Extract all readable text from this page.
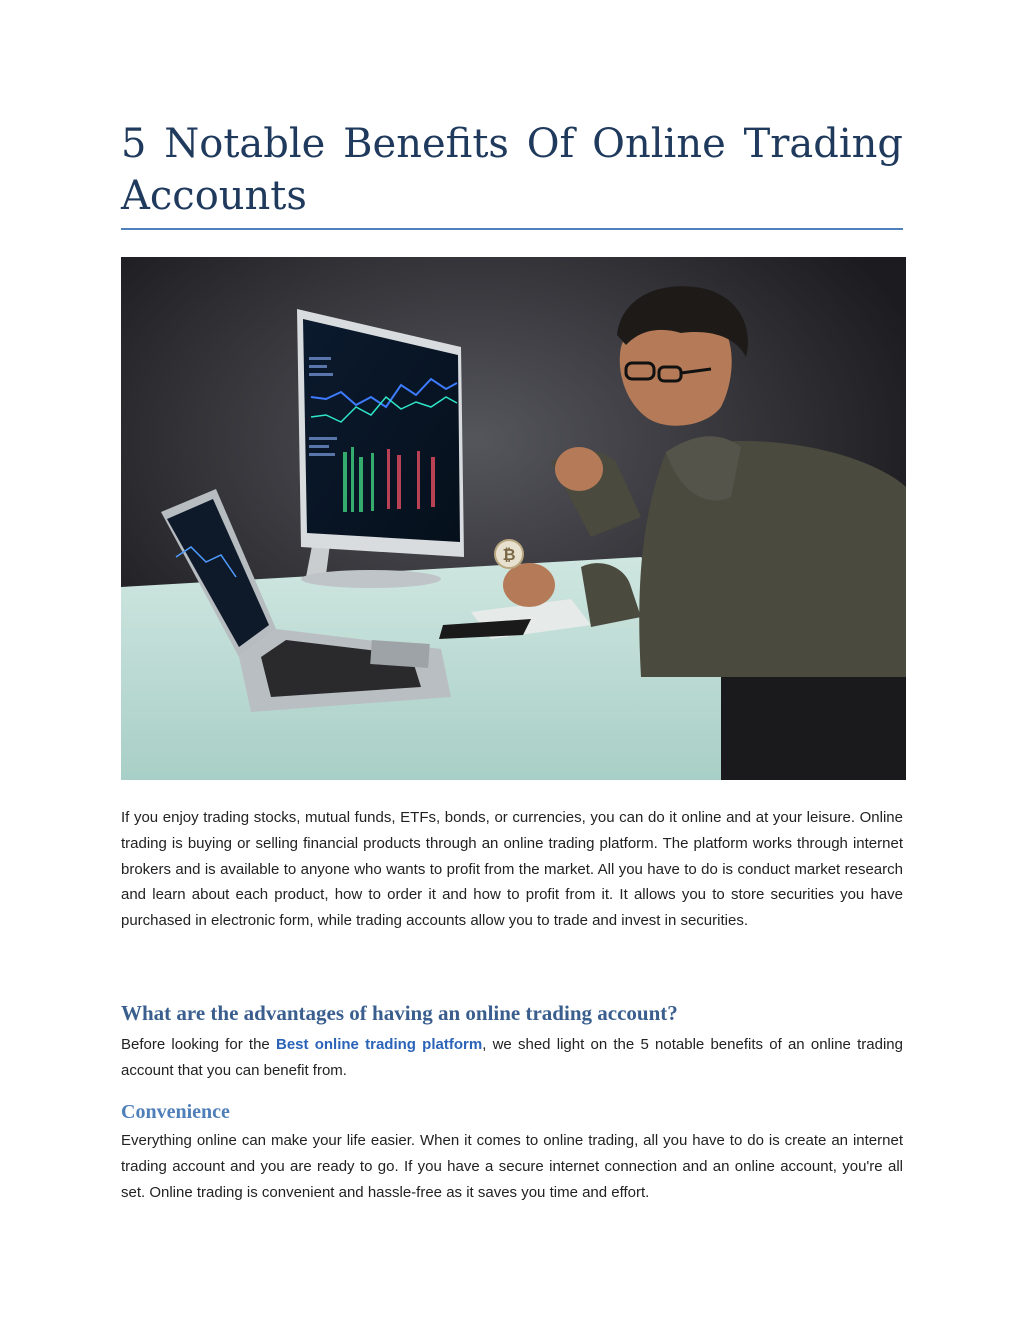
5 Notable Benefits Of Online Trading Accounts
₿

If you enjoy trading stocks, mutual funds, ETFs, bonds, or currencies, you can do it online and at your leisure. Online trading is buying or selling financial products through an online trading platform. The platform works through internet brokers and is available to anyone who wants to profit from the market. All you have to do is conduct market research and learn about each product, how to order it and how to profit from it. It allows you to store securities you have purchased in electronic form, while trading accounts allow you to trade and invest in securities.

What are the advantages of having an online trading account?

Before looking for the Best online trading platform, we shed light on the 5 notable benefits of an online trading account that you can benefit from.

Convenience

Everything online can make your life easier. When it comes to online trading, all you have to do is create an internet trading account and you are ready to go. If you have a secure internet connection and an online account, you're all set. Online trading is convenient and hassle-free as it saves you time and effort.
